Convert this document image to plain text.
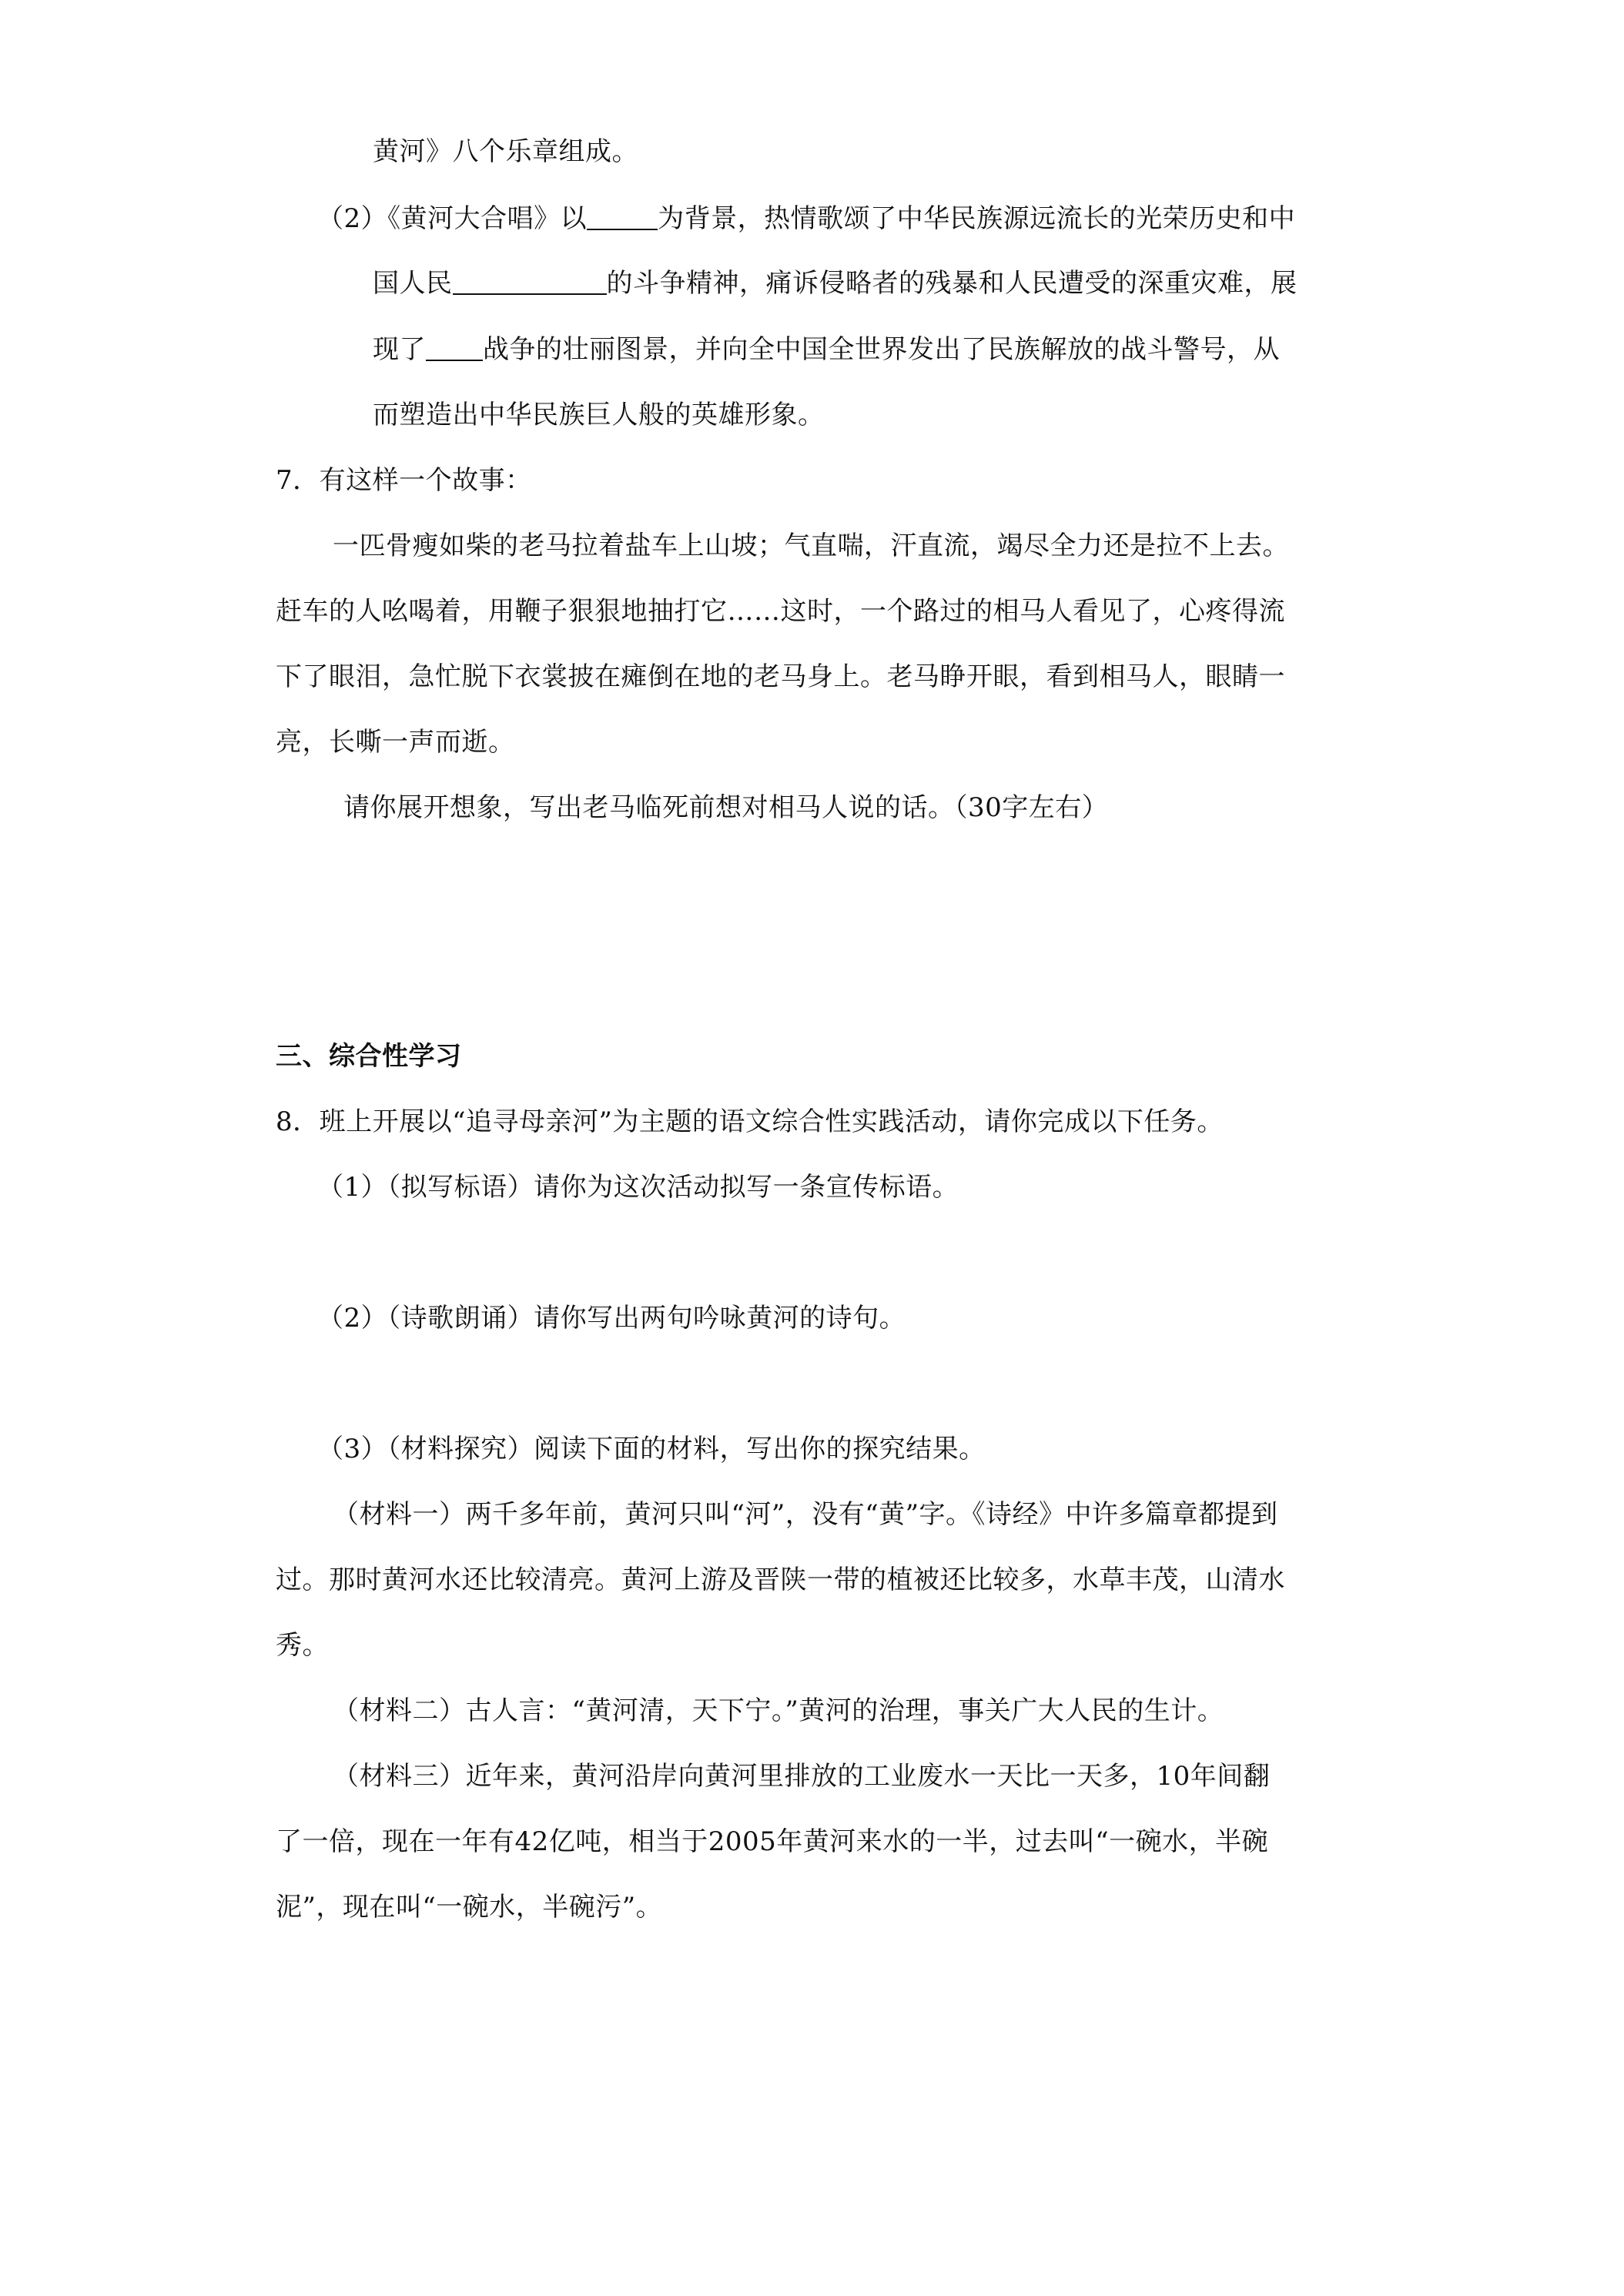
黄河》八个乐章组成。
（2）《黄河大合唱》以	为背景，热情歌颂了中华民族源远流长的光荣历史和中
国人民	的斗争精神，痛诉侵略者的残暴和人民遭受的深重灾难，展
现了 战争的壮丽图景，并向全中国全世界发出了民族解放的战斗警号，从
而塑造出中华民族巨人般的英雄形象。
7．有这样一个故事：
一匹骨瘦如柴的老马拉着盐车上山坡；气直喘，汗直流，竭尽全力还是拉不上去。
赶车的人吆喝着，用鞭子狠狠地抽打它……这时，一个路过的相马人看见了，心疼得流
下了眼泪，急忙脱下衣裳披在瘫倒在地的老马身上。老马睁开眼，看到相马人，眼睛一
亮，长嘶一声而逝。
请你展开想象，写出老马临死前想对相马人说的话。（30字左右）
三、综合性学习
8．班上开展以“追寻母亲河”为主题的语文综合性实践活动，请你完成以下任务。
（1）（拟写标语）请你为这次活动拟写一条宣传标语。
（2）（诗歌朗诵）请你写出两句吟咏黄河的诗句。
（3）（材料探究）阅读下面的材料，写出你的探究结果。
（材料一）两千多年前，黄河只叫“河”，没有“黄”字。《诗经》中许多篇章都提到
过。那时黄河水还比较清亮。黄河上游及晋陕一带的植被还比较多，水草丰茂，山清水
秀。
（材料二）古人言：“黄河清，天下宁。”黄河的治理，事关广大人民的生计。
（材料三）近年来，黄河沿岸向黄河里排放的工业废水一天比一天多，10年间翻
了一倍，现在一年有42亿吨，相当于2005年黄河来水的一半，过去叫“一碗水，半碗
泥”，现在叫“一碗水，半碗污”。
